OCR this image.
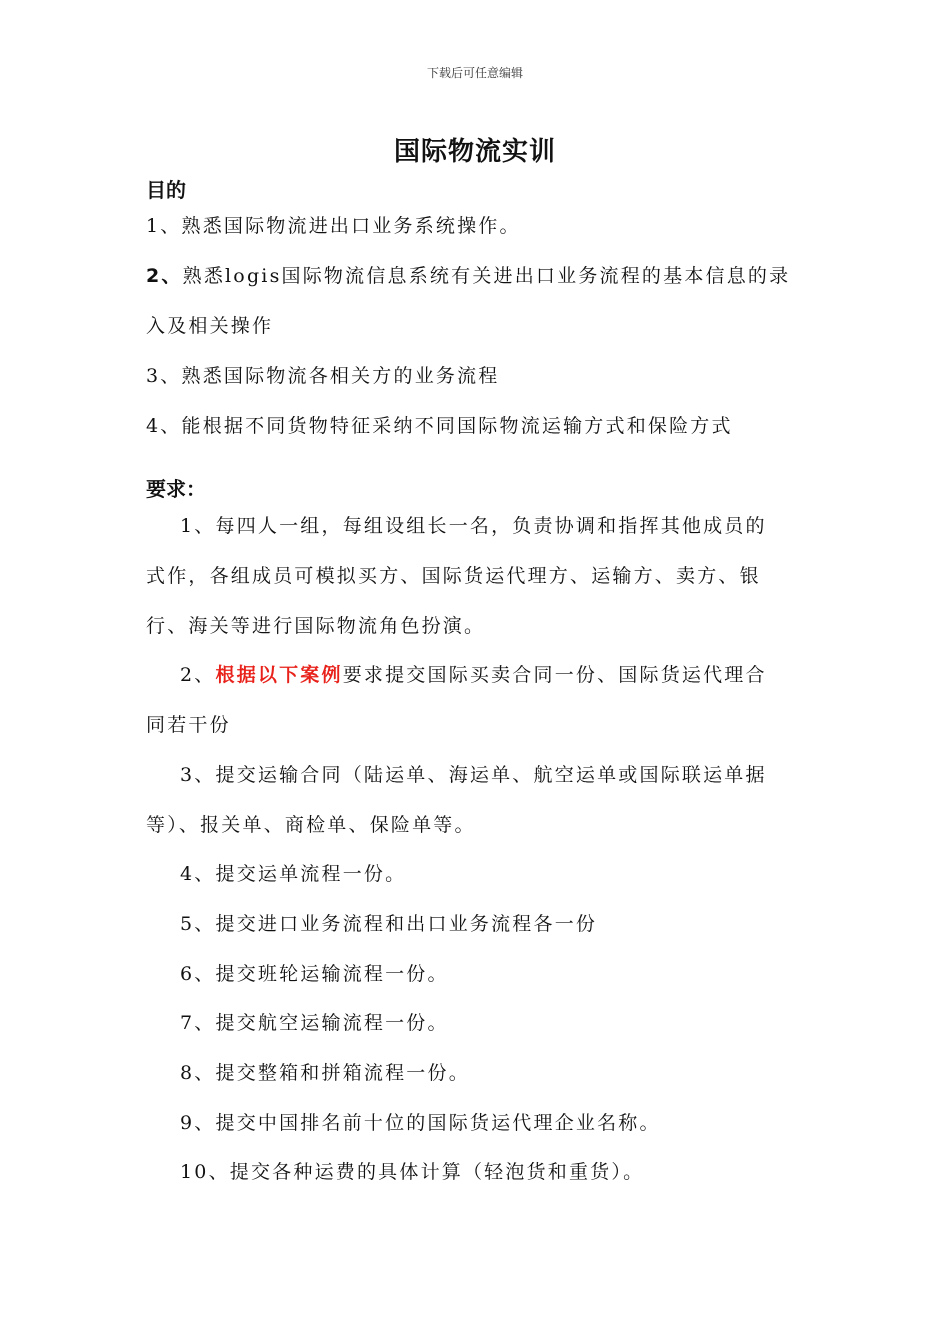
下载后可任意编辑
国际物流实训
目的
1、熟悉国际物流进出口业务系统操作。
2、熟悉logis国际物流信息系统有关进出口业务流程的基本信息的录
入及相关操作
3、熟悉国际物流各相关方的业务流程
4、能根据不同货物特征采纳不同国际物流运输方式和保险方式
要求：
1、每四人一组，每组设组长一名，负责协调和指挥其他成员的
式作，各组成员可模拟买方、国际货运代理方、运输方、卖方、银
行、海关等进行国际物流角色扮演。
2、根据以下案例要求提交国际买卖合同一份、国际货运代理合
同若干份
3、提交运输合同（陆运单、海运单、航空运单或国际联运单据
等）、报关单、商检单、保险单等。
4、提交运单流程一份。
5、提交进口业务流程和出口业务流程各一份
6、提交班轮运输流程一份。
7、提交航空运输流程一份。
8、提交整箱和拼箱流程一份。
9、提交中国排名前十位的国际货运代理企业名称。
10、提交各种运费的具体计算（轻泡货和重货）。
